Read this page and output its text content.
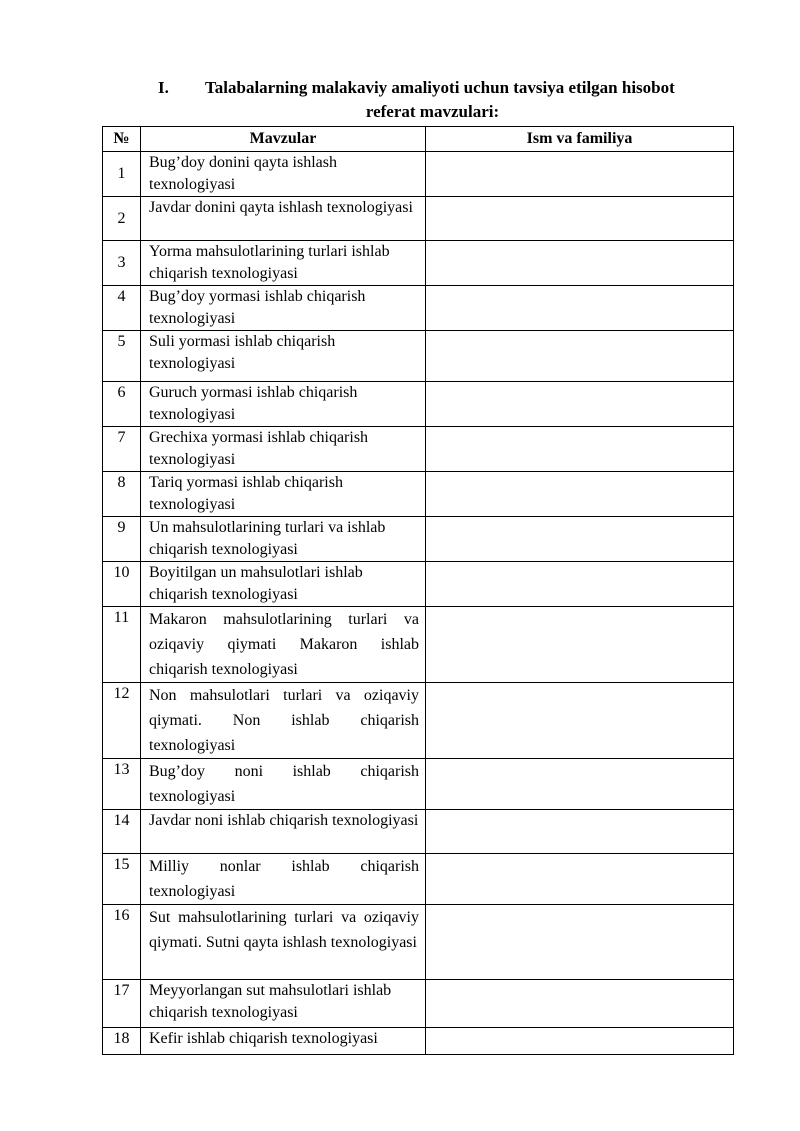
I. Talabalarning malakaviy amaliyoti uchun tavsiya etilgan hisobot
referat mavzulari:
№	Mavzular	Ism va familiya
1	Bug’doy donini qayta ishlash texnologiyasi	
2	Javdar donini qayta ishlash texnologiyasi	
3	Yorma mahsulotlarining turlari ishlab chiqarish texnologiyasi	
4	Bug’doy yormasi ishlab chiqarish texnologiyasi	
5	Suli yormasi ishlab chiqarish texnologiyasi	
6	Guruch yormasi ishlab chiqarish texnologiyasi	
7	Grechixa yormasi ishlab chiqarish texnologiyasi	
8	Tariq yormasi ishlab chiqarish texnologiyasi	
9	Un mahsulotlarining turlari va ishlab chiqarish texnologiyasi	
10	Boyitilgan un mahsulotlari ishlab chiqarish texnologiyasi	
11	Makaron mahsulotlarining turlari va oziqaviy qiymati Makaron ishlab chiqarish texnologiyasi	
12	Non mahsulotlari turlari va oziqaviy qiymati. Non ishlab chiqarish texnologiyasi	
13	Bug’doy noni ishlab chiqarish texnologiyasi	
14	Javdar noni ishlab chiqarish texnologiyasi	
15	Milliy nonlar ishlab chiqarish texnologiyasi	
16	Sut mahsulotlarining turlari va oziqaviy qiymati. Sutni qayta ishlash texnologiyasi	
17	Meyyorlangan sut mahsulotlari ishlab chiqarish texnologiyasi	
18	Kefir ishlab chiqarish texnologiyasi	
